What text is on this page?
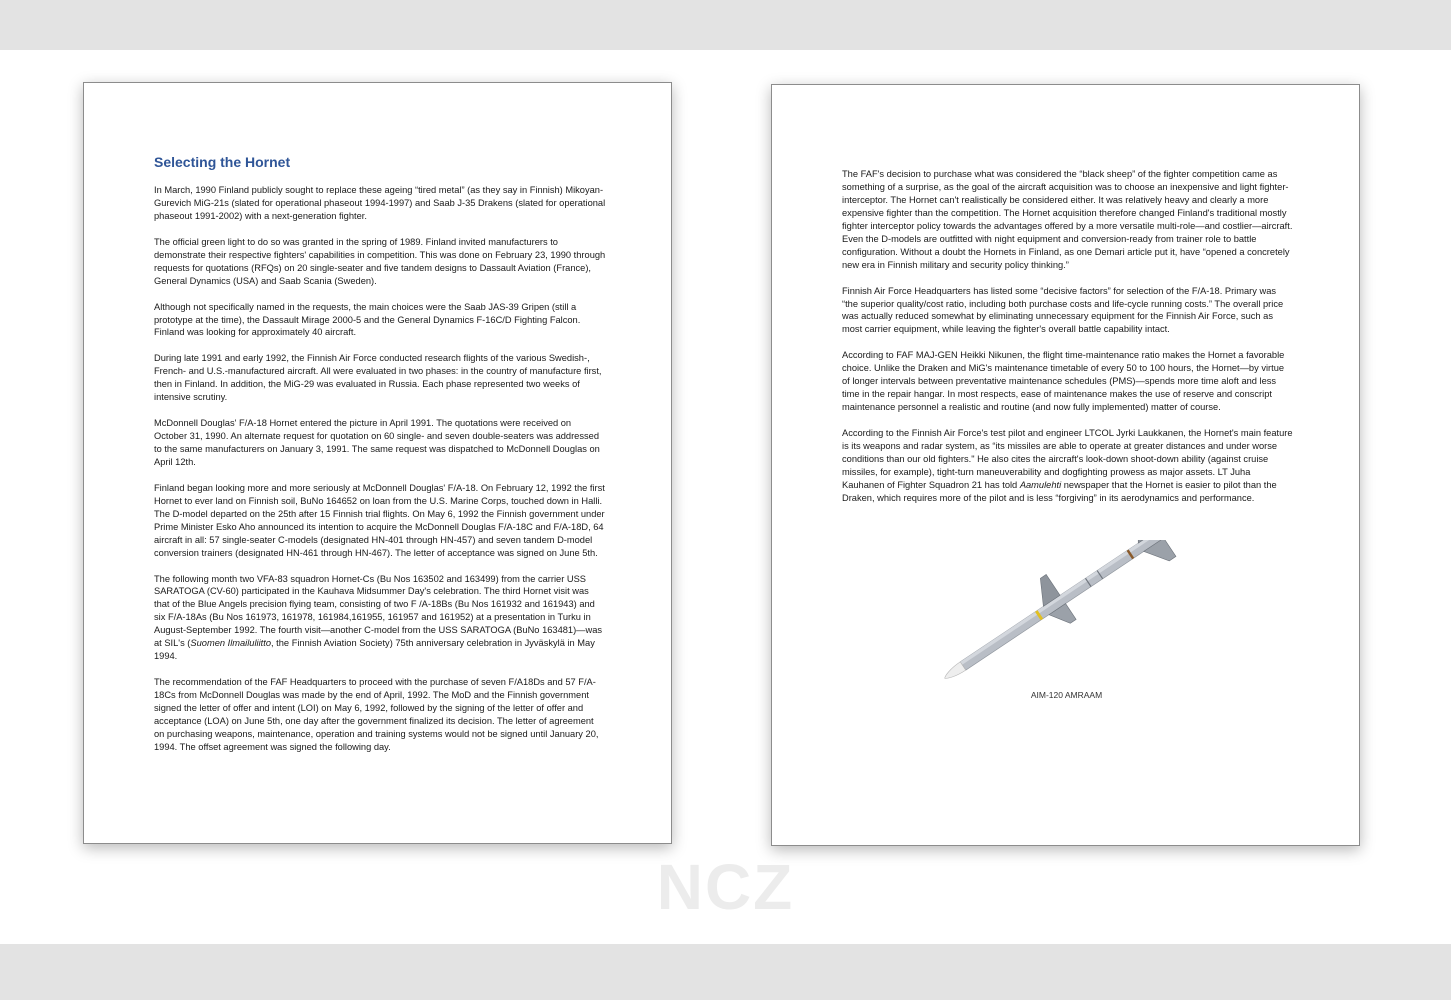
Selecting the Hornet

In March, 1990 Finland publicly sought to replace these ageing “tired metal” (as they say in Finnish) Mikoyan-Gurevich MiG-21s (slated for operational phaseout 1994-1997) and Saab J-35 Drakens (slated for operational phaseout 1991-2002) with a next-generation fighter.

The official green light to do so was granted in the spring of 1989. Finland invited manufacturers to demonstrate their respective fighters' capabilities in competition. This was done on February 23, 1990 through requests for quotations (RFQs) on 20 single-seater and five tandem designs to Dassault Aviation (France), General Dynamics (USA) and Saab Scania (Sweden).

Although not specifically named in the requests, the main choices were the Saab JAS-39 Gripen (still a prototype at the time), the Dassault Mirage 2000-5 and the General Dynamics F-16C/D Fighting Falcon. Finland was looking for approximately 40 aircraft.

During late 1991 and early 1992, the Finnish Air Force conducted research flights of the various Swedish-, French- and U.S.-manufactured aircraft. All were evaluated in two phases: in the country of manufacture first, then in Finland. In addition, the MiG-29 was evaluated in Russia. Each phase represented two weeks of intensive scrutiny.

McDonnell Douglas' F/A-18 Hornet entered the picture in April 1991. The quotations were received on October 31, 1990. An alternate request for quotation on 60 single- and seven double-seaters was addressed to the same manufacturers on January 3, 1991. The same request was dispatched to McDonnell Douglas on April 12th.

Finland began looking more and more seriously at McDonnell Douglas' F/A-18. On February 12, 1992 the first Hornet to ever land on Finnish soil, BuNo 164652 on loan from the U.S. Marine Corps, touched down in Halli. The D-model departed on the 25th after 15 Finnish trial flights. On May 6, 1992 the Finnish government under Prime Minister Esko Aho announced its intention to acquire the McDonnell Douglas F/A-18C and F/A-18D, 64 aircraft in all: 57 single-seater C-models (designated HN-401 through HN-457) and seven tandem D-model conversion trainers (designated HN-461 through HN-467). The letter of acceptance was signed on June 5th.

The following month two VFA-83 squadron Hornet-Cs (Bu Nos 163502 and 163499) from the carrier USS SARATOGA (CV-60) participated in the Kauhava Midsummer Day's celebration. The third Hornet visit was that of the Blue Angels precision flying team, consisting of two F /A-18Bs (Bu Nos 161932 and 161943) and six F/A-18As (Bu Nos 161973, 161978, 161984,161955, 161957 and 161952) at a presentation in Turku in August-September 1992. The fourth visit—another C-model from the USS SARATOGA (BuNo 163481)—was at SIL's (Suomen Ilmailuliitto, the Finnish Aviation Society) 75th anniversary celebration in Jyväskylä in May 1994.

The recommendation of the FAF Headquarters to proceed with the purchase of seven F/A18Ds and 57 F/A-18Cs from McDonnell Douglas was made by the end of April, 1992. The MoD and the Finnish government signed the letter of offer and intent (LOI) on May 6, 1992, followed by the signing of the letter of offer and acceptance (LOA) on June 5th, one day after the government finalized its decision. The letter of agreement on purchasing weapons, maintenance, operation and training systems would not be signed until January 20, 1994. The offset agreement was signed the following day.

The FAF's decision to purchase what was considered the “black sheep” of the fighter competition came as something of a surprise, as the goal of the aircraft acquisition was to choose an inexpensive and light fighter-interceptor. The Hornet can't realistically be considered either. It was relatively heavy and clearly a more expensive fighter than the competition. The Hornet acquisition therefore changed Finland's traditional mostly fighter interceptor policy towards the advantages offered by a more versatile multi-role—and costlier—aircraft. Even the D-models are outfitted with night equipment and conversion-ready from trainer role to battle configuration. Without a doubt the Hornets in Finland, as one Demari article put it, have “opened a concretely new era in Finnish military and security policy thinking.”

Finnish Air Force Headquarters has listed some “decisive factors” for selection of the F/A-18. Primary was “the superior quality/cost ratio, including both purchase costs and life-cycle running costs.” The overall price was actually reduced somewhat by eliminating unnecessary equipment for the Finnish Air Force, such as most carrier equipment, while leaving the fighter's overall battle capability intact.

According to FAF MAJ-GEN Heikki Nikunen, the flight time-maintenance ratio makes the Hornet a favorable choice. Unlike the Draken and MiG's maintenance timetable of every 50 to 100 hours, the Hornet—by virtue of longer intervals between preventative maintenance schedules (PMS)—spends more time aloft and less time in the repair hangar. In most respects, ease of maintenance makes the use of reserve and conscript maintenance personnel a realistic and routine (and now fully implemented) matter of course.

According to the Finnish Air Force's test pilot and engineer LTCOL Jyrki Laukkanen, the Hornet's main feature is its weapons and radar system, as “its missiles are able to operate at greater distances and under worse conditions than our old fighters." He also cites the aircraft's look-down shoot-down ability (against cruise missiles, for example), tight-turn maneuverability and dogfighting prowess as major assets. LT Juha Kauhanen of Fighter Squadron 21 has told Aamulehti newspaper that the Hornet is easier to pilot than the Draken, which requires more of the pilot and is less “forgiving” in its aerodynamics and performance.

AIM-120 AMRAAM
NCZ
